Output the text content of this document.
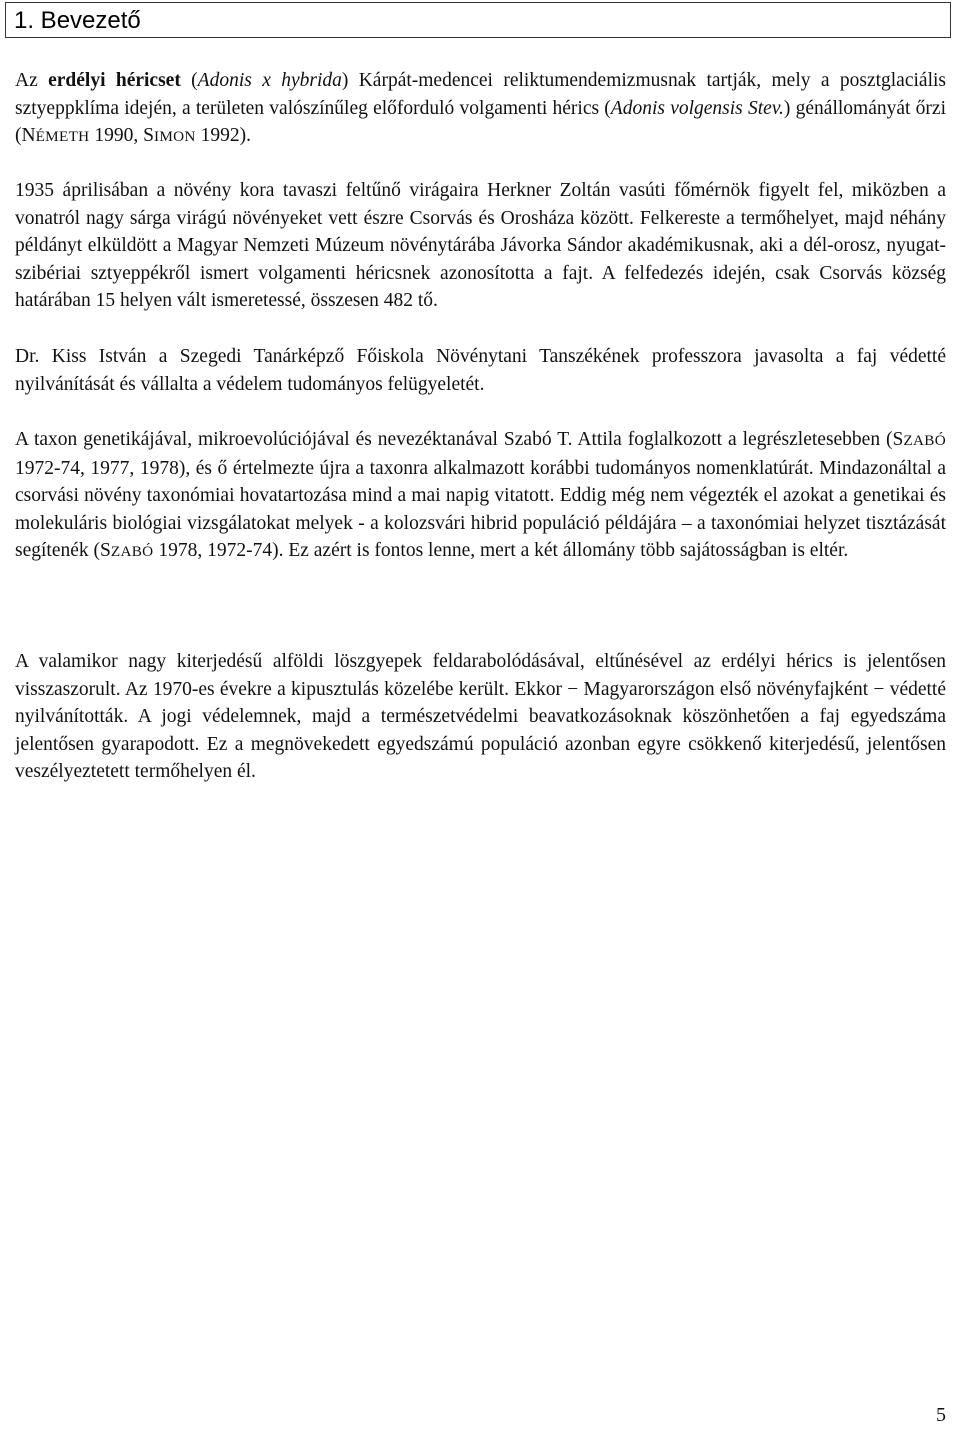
1. Bevezető

Az erdélyi héricset (Adonis x hybrida) Kárpát-medencei reliktumendemizmusnak tartják, mely a posztglaciális sztyeppklíma idején, a területen valószínűleg előforduló volgamenti hérics (Adonis volgensis Stev.) génállományát őrzi (NÉMETH 1990, SIMON 1992).

1935 áprilisában a növény kora tavaszi feltűnő virágaira Herkner Zoltán vasúti főmérnök figyelt fel, miközben a vonatról nagy sárga virágú növényeket vett észre Csorvás és Orosháza között. Felkereste a termőhelyet, majd néhány példányt elküldött a Magyar Nemzeti Múzeum növénytárába Jávorka Sándor akadémikusnak, aki a dél-orosz, nyugat-szibériai sztyeppékről ismert volgamenti héricsnek azonosította a fajt. A felfedezés idején, csak Csorvás község határában 15 helyen vált ismeretessé, összesen 482 tő.

Dr. Kiss István a Szegedi Tanárképző Főiskola Növénytani Tanszékének professzora javasolta a faj védetté nyilvánítását és vállalta a védelem tudományos felügyeletét.

A taxon genetikájával, mikroevolúciójával és nevezéktanával Szabó T. Attila foglalkozott a legrészletesebben (SZABÓ 1972-74, 1977, 1978), és ő értelmezte újra a taxonra alkalmazott korábbi tudományos nomenklatúrát. Mindazonáltal a csorvási növény taxonómiai hovatartozása mind a mai napig vitatott. Eddig még nem végezték el azokat a genetikai és molekuláris biológiai vizsgálatokat melyek - a kolozsvári hibrid populáció példájára – a taxonómiai helyzet tisztázását segítenék (SZABÓ 1978, 1972-74). Ez azért is fontos lenne, mert a két állomány több sajátosságban is eltér.

A valamikor nagy kiterjedésű alföldi löszgyepek feldarabolódásával, eltűnésével az erdélyi hérics is jelentősen visszaszorult. Az 1970-es évekre a kipusztulás közelébe került. Ekkor − Magyarországon első növényfajként − védetté nyilvánították. A jogi védelemnek, majd a természetvédelmi beavatkozásoknak köszönhetően a faj egyedszáma jelentősen gyarapodott. Ez a megnövekedett egyedszámú populáció azonban egyre csökkenő kiterjedésű, jelentősen veszélyeztetett termőhelyen él.

5
